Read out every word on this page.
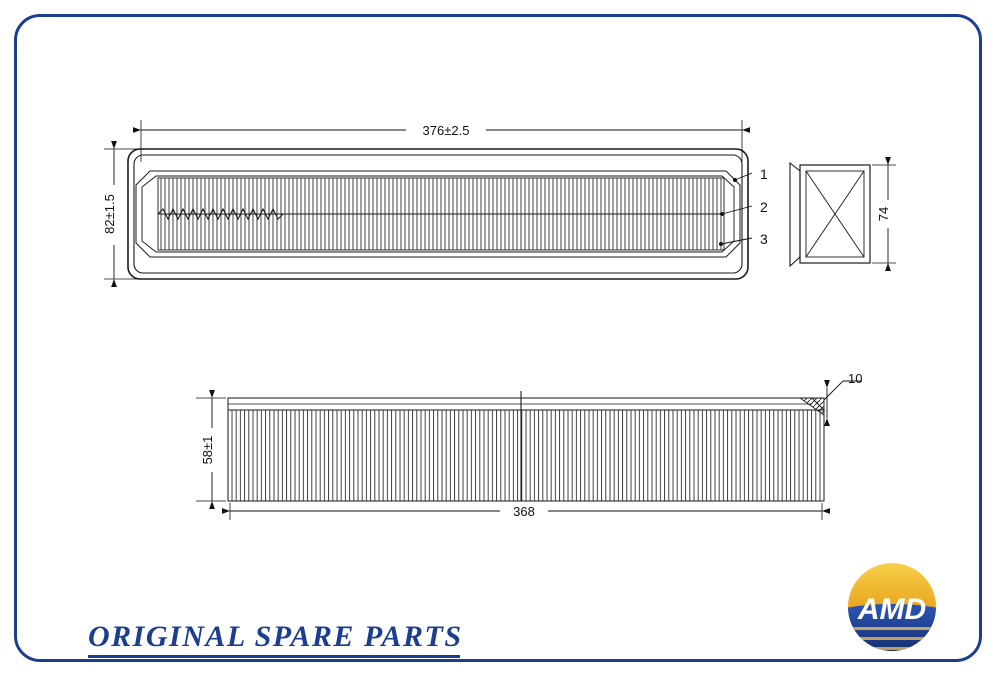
376±2.5
82±1.5
1
2
3
74
58±1
368
10
ORIGINAL SPARE PARTS
AMD
